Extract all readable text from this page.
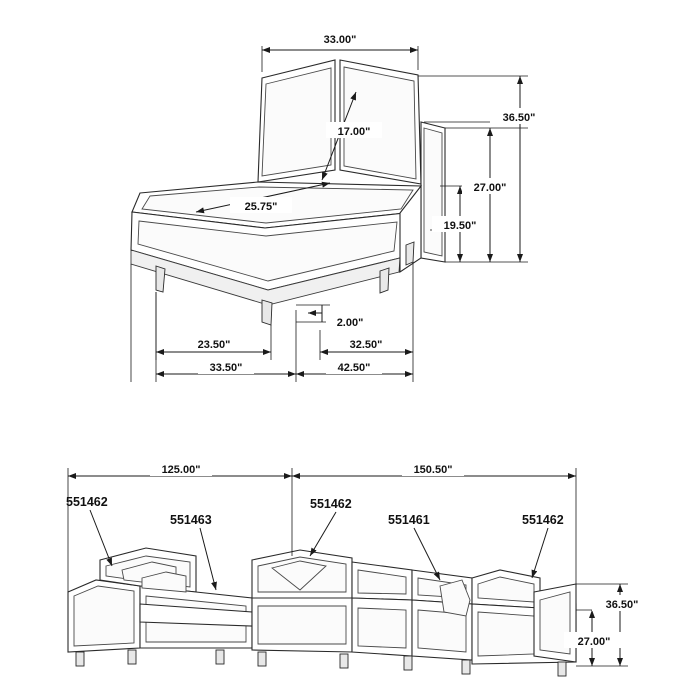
33.00"
17.00"
36.50"
25.75"
27.00"
19.50"
2.00"
23.50"	32.50"
33.50"	42.50"
125.00"	150.50"
36.50"
27.00"
551462
551463
551462
551461	551462
